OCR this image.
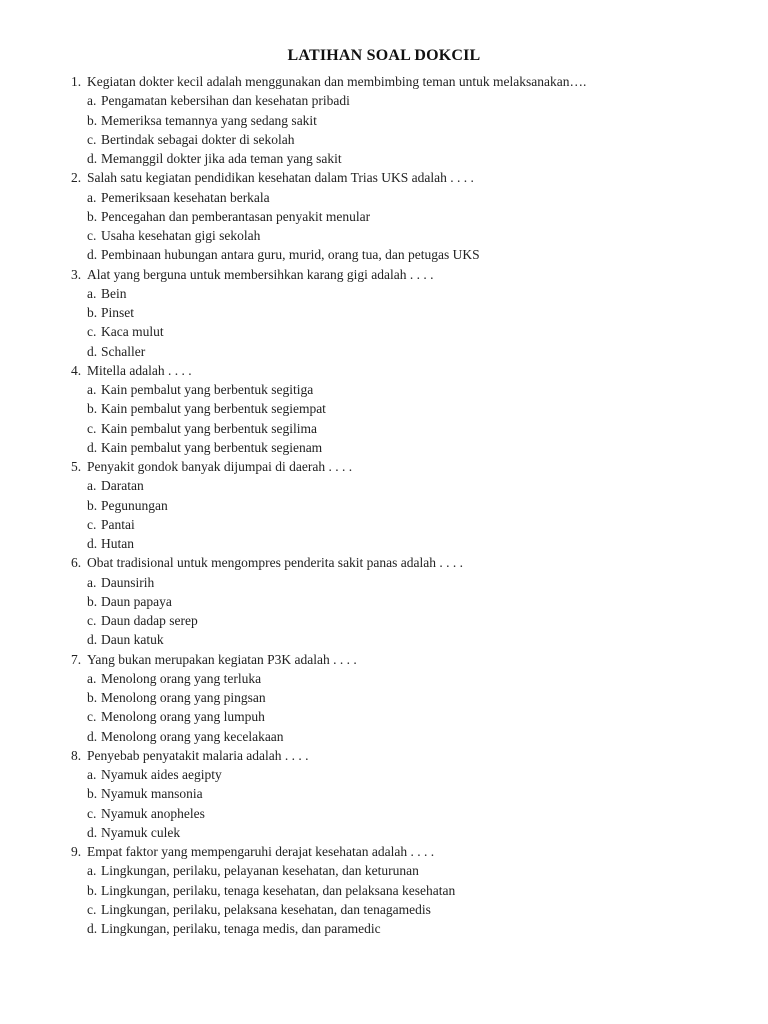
LATIHAN SOAL DOKCIL
1. Kegiatan dokter kecil adalah menggunakan dan membimbing teman untuk melaksanakan….
a. Pengamatan kebersihan dan kesehatan pribadi
b. Memeriksa temannya yang sedang sakit
c. Bertindak sebagai dokter di sekolah
d. Memanggil dokter jika ada teman yang sakit
2. Salah satu kegiatan pendidikan kesehatan dalam Trias UKS adalah . . . .
a. Pemeriksaan kesehatan berkala
b. Pencegahan dan pemberantasan penyakit menular
c. Usaha kesehatan gigi sekolah
d. Pembinaan hubungan antara guru, murid, orang tua, dan petugas UKS
3. Alat yang berguna untuk membersihkan karang gigi adalah . . . .
a. Bein
b. Pinset
c. Kaca mulut
d. Schaller
4. Mitella adalah . . . .
a. Kain pembalut yang berbentuk segitiga
b. Kain pembalut yang berbentuk segiempat
c. Kain pembalut yang berbentuk segilima
d. Kain pembalut yang berbentuk segienam
5. Penyakit gondok banyak dijumpai di daerah . . . .
a. Daratan
b. Pegunungan
c. Pantai
d. Hutan
6. Obat tradisional untuk mengompres penderita sakit panas adalah . . . .
a. Daunsirih
b. Daun papaya
c. Daun dadap serep
d. Daun katuk
7. Yang bukan merupakan kegiatan P3K adalah . . . .
a. Menolong orang yang terluka
b. Menolong orang yang pingsan
c. Menolong orang yang lumpuh
d. Menolong orang yang kecelakaan
8. Penyebab penyatakit malaria adalah . . . .
a. Nyamuk aides aegipty
b. Nyamuk mansonia
c. Nyamuk anopheles
d. Nyamuk culek
9. Empat faktor yang mempengaruhi derajat kesehatan adalah . . . .
a. Lingkungan, perilaku, pelayanan kesehatan, dan keturunan
b. Lingkungan, perilaku, tenaga kesehatan, dan pelaksana kesehatan
c. Lingkungan, perilaku, pelaksana kesehatan, dan tenagamedis
d. Lingkungan, perilaku, tenaga medis, dan paramedic
